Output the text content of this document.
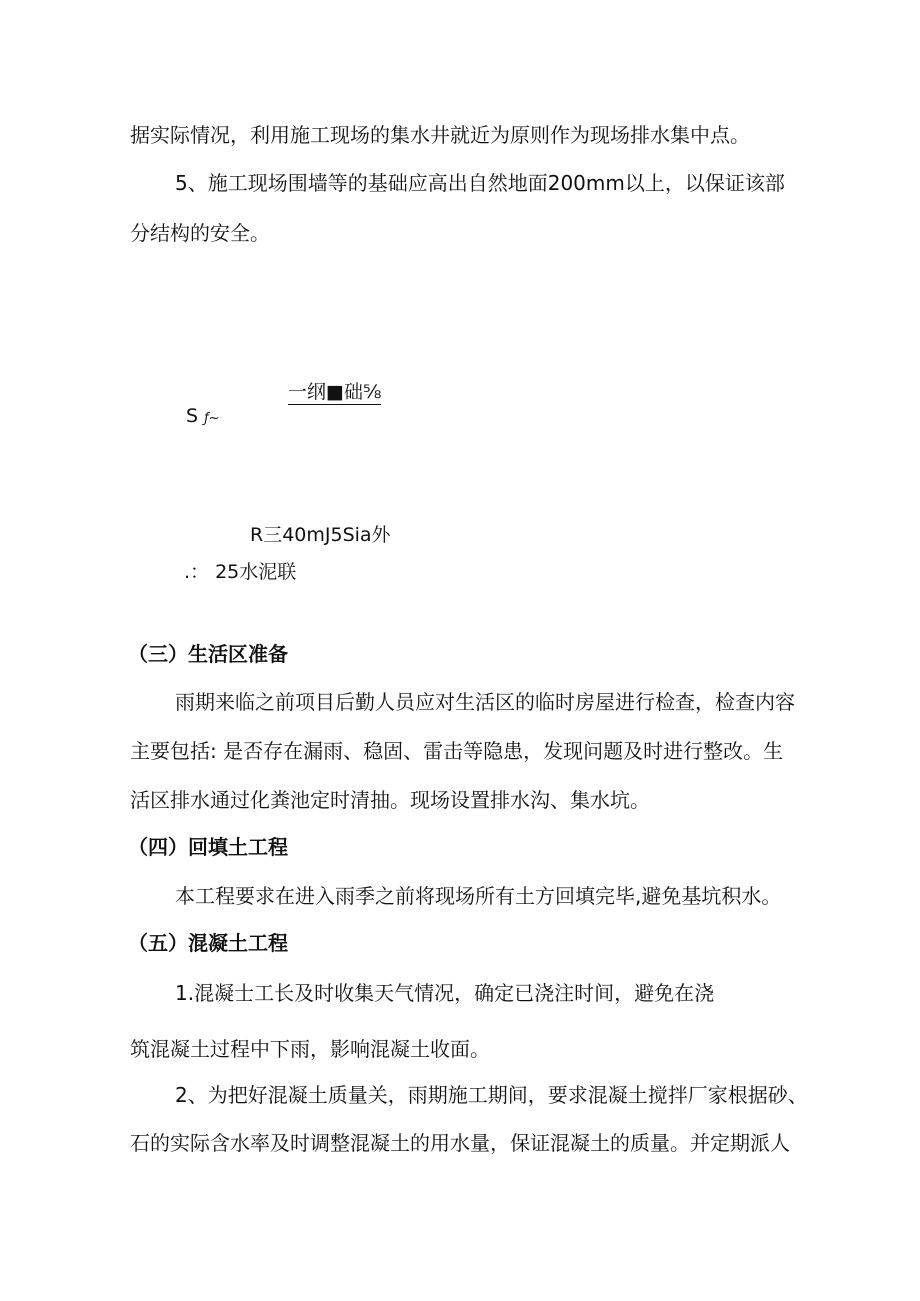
据实际情况，利用施工现场的集水井就近为原则作为现场排水集中点。
5、施工现场围墙等的基础应高出自然地面200mm以上，以保证该部
分结构的安全。
一纲■础⅝
S ƒ~
R三40mJ5Sia外
.： 25水泥联
（三）生活区准备
雨期来临之前项目后勤人员应对生活区的临时房屋进行检查，检查内容
主要包括: 是否存在漏雨、稳固、雷击等隐患，发现问题及时进行整改。生
活区排水通过化粪池定时清抽。现场设置排水沟、集水坑。
（四）回填土工程
本工程要求在进入雨季之前将现场所有土方回填完毕,避免基坑积水。
（五）混凝土工程
1.混凝士工长及时收集天气情况，确定已浇注时间，避免在浇
筑混凝土过程中下雨，影响混凝土收面。
2、为把好混凝土质量关，雨期施工期间，要求混凝土搅拌厂家根据砂、
石的实际含水率及时调整混凝土的用水量，保证混凝土的质量。并定期派人
